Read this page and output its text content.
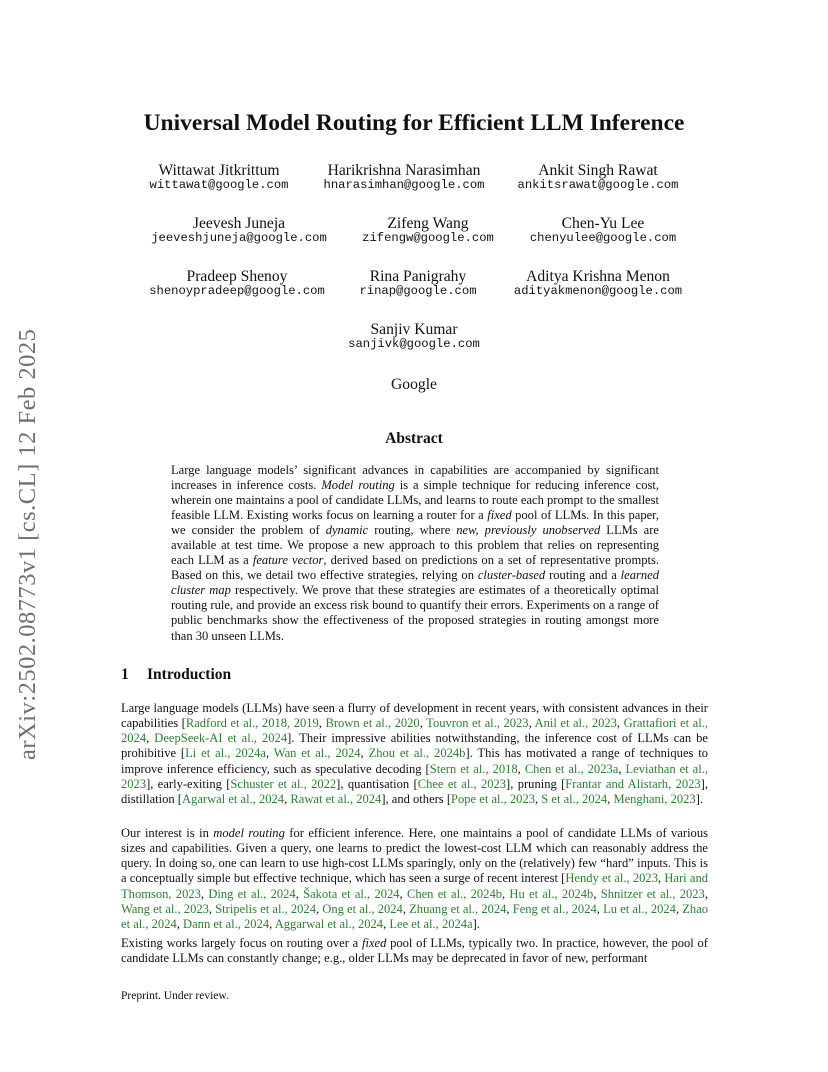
arXiv:2502.08773v1 [cs.CL] 12 Feb 2025
Universal Model Routing for Efficient LLM Inference
Wittawat Jitkrittum
wittawat@google.com
Harikrishna Narasimhan
hnarasimhan@google.com
Ankit Singh Rawat
ankitsrawat@google.com
Jeevesh Juneja
jeeveshjuneja@google.com
Zifeng Wang
zifengw@google.com
Chen-Yu Lee
chenyulee@google.com
Pradeep Shenoy
shenoypradeep@google.com
Rina Panigrahy
rinap@google.com
Aditya Krishna Menon
adityakmenon@google.com
Sanjiv Kumar
sanjivk@google.com
Google
Abstract
Large language models’ significant advances in capabilities are accompanied by significant increases in inference costs. Model routing is a simple technique for reducing inference cost, wherein one maintains a pool of candidate LLMs, and learns to route each prompt to the smallest feasible LLM. Existing works focus on learning a router for a fixed pool of LLMs. In this paper, we consider the problem of dynamic routing, where new, previously unobserved LLMs are available at test time. We propose a new approach to this problem that relies on representing each LLM as a feature vector, derived based on predictions on a set of representative prompts. Based on this, we detail two effective strategies, relying on cluster-based routing and a learned cluster map respectively. We prove that these strategies are estimates of a theoretically optimal routing rule, and provide an excess risk bound to quantify their errors. Experiments on a range of public benchmarks show the effectiveness of the proposed strategies in routing amongst more than 30 unseen LLMs.
1 Introduction
Large language models (LLMs) have seen a flurry of development in recent years, with consistent advances in their capabilities [Radford et al., 2018, 2019, Brown et al., 2020, Touvron et al., 2023, Anil et al., 2023, Grattafiori et al., 2024, DeepSeek-AI et al., 2024]. Their impressive abilities notwithstanding, the inference cost of LLMs can be prohibitive [Li et al., 2024a, Wan et al., 2024, Zhou et al., 2024b]. This has motivated a range of techniques to improve inference efficiency, such as speculative decoding [Stern et al., 2018, Chen et al., 2023a, Leviathan et al., 2023], early-exiting [Schuster et al., 2022], quantisation [Chee et al., 2023], pruning [Frantar and Alistarh, 2023], distillation [Agarwal et al., 2024, Rawat et al., 2024], and others [Pope et al., 2023, S et al., 2024, Menghani, 2023].
Our interest is in model routing for efficient inference. Here, one maintains a pool of candidate LLMs of various sizes and capabilities. Given a query, one learns to predict the lowest-cost LLM which can reasonably address the query. In doing so, one can learn to use high-cost LLMs sparingly, only on the (relatively) few “hard” inputs. This is a conceptually simple but effective technique, which has seen a surge of recent interest [Hendy et al., 2023, Hari and Thomson, 2023, Ding et al., 2024, Šakota et al., 2024, Chen et al., 2024b, Hu et al., 2024b, Shnitzer et al., 2023, Wang et al., 2023, Stripelis et al., 2024, Ong et al., 2024, Zhuang et al., 2024, Feng et al., 2024, Lu et al., 2024, Zhao et al., 2024, Dann et al., 2024, Aggarwal et al., 2024, Lee et al., 2024a].
Existing works largely focus on routing over a fixed pool of LLMs, typically two. In practice, however, the pool of candidate LLMs can constantly change; e.g., older LLMs may be deprecated in favor of new, performant
Preprint. Under review.
